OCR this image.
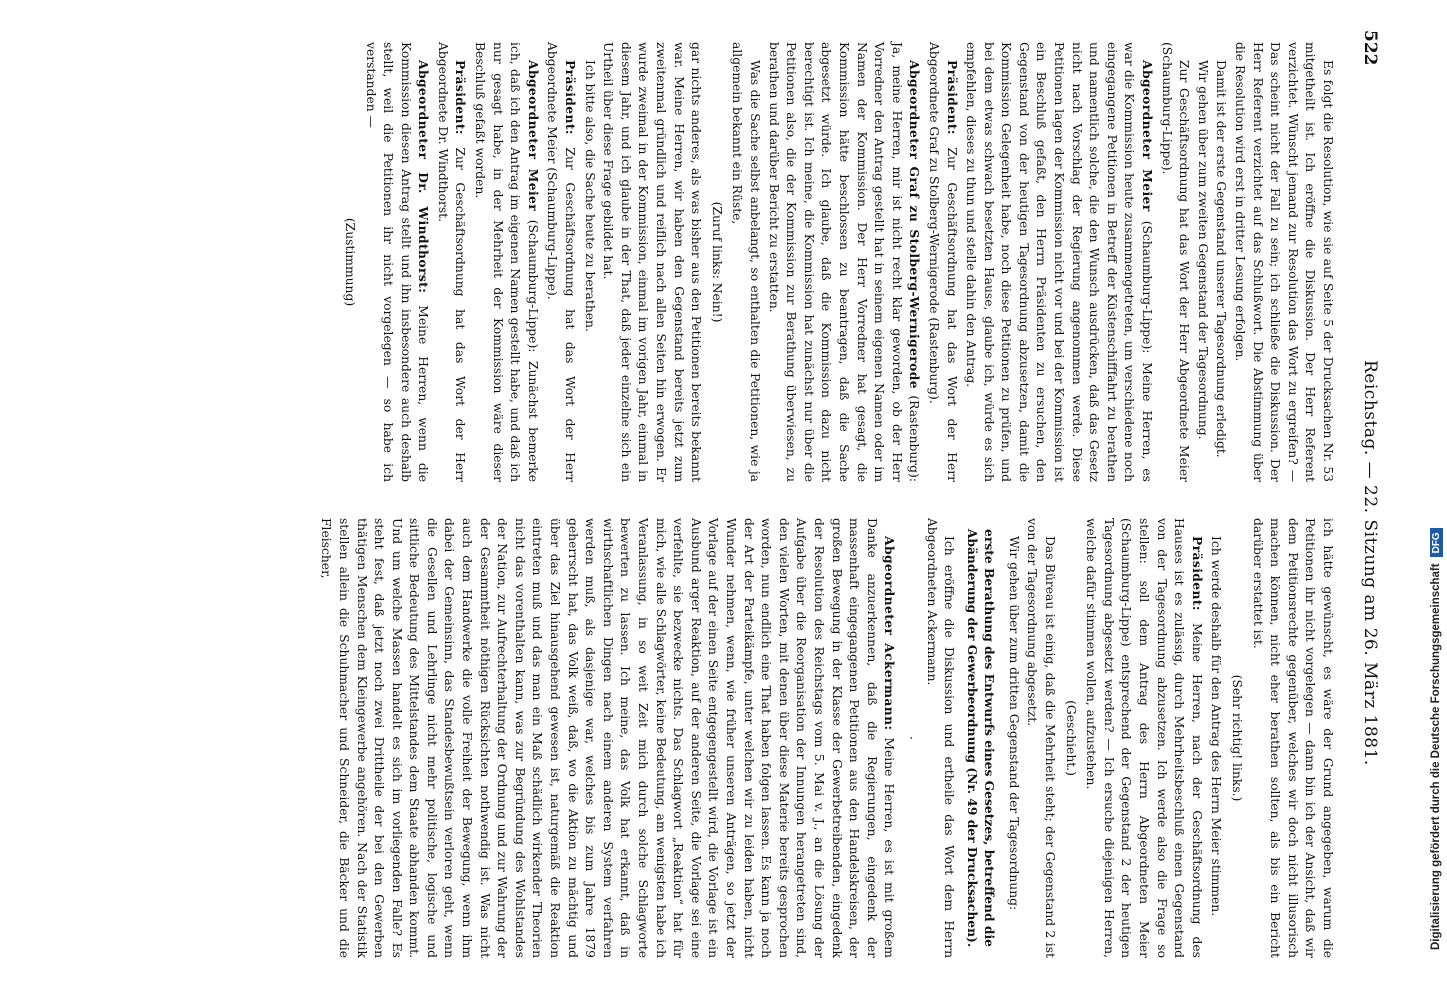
522
Reichstag. — 22. Sitzung am 26. März 1881.

Es folgt die Resolution, wie sie auf Seite 5 der Drucksachen Nr. 53 mitgetheilt ist. Ich eröffne die Diskussion. Der Herr Referent verzichtet. Wünscht jemand zur Resolution das Wort zu ergreifen? — Das scheint nicht der Fall zu sein; ich schließe die Diskussion. Der Herr Referent verzichtet auf das Schlußwort. Die Abstimmung über die Resolution wird erst in dritter Lesung erfolgen.

Damit ist der erste Gegenstand unserer Tagesordnung erledigt.

Wir gehen über zum zweiten Gegenstand der Tagesordnung.

Zur Geschäftsordnung hat das Wort der Herr Abgeordnete Meier (Schaumburg-Lippe).

Abgeordneter Meier (Schaumburg-Lippe): Meine Herren, es war die Kommission heute zusammengetreten, um verschiedene noch eingegangene Petitionen in Betreff der Küstenschifffahrt zu berathen und namentlich solche, die den Wunsch ausdrücken, daß das Gesetz nicht nach Vorschlag der Regierung angenommen werde. Diese Petitionen lagen der Kommission nicht vor und bei der Kommission ist ein Beschluß gefaßt, den Herrn Präsidenten zu ersuchen, den Gegenstand von der heutigen Tagesordnung abzusetzen, damit die Kommission Gelegenheit habe, noch diese Petitionen zu prüfen, und bei dem etwas schwach besetzten Hause, glaube ich, würde es sich empfehlen, dieses zu thun und stelle dahin den Antrag.

Präsident: Zur Geschäftsordnung hat das Wort der Herr Abgeordnete Graf zu Stolberg-Wernigerode (Rastenburg).

Abgeordneter Graf zu Stolberg-Wernigerode (Rastenburg): Ja, meine Herren, mir ist nicht recht klar geworden, ob der Herr Vorredner den Antrag gestellt hat in seinem eigenen Namen oder im Namen der Kommission. Der Herr Vorredner hat gesagt, die Kommission hätte beschlossen zu beantragen, daß die Sache abgesetzt würde. Ich glaube, daß die Kommission dazu nicht berechtigt ist. Ich meine, die Kommission hat zunächst nur über die Petitionen also, die der Kommission zur Berathung überwiesen, zu berathen und darüber Bericht zu erstatten.

Was die Sache selbst anbelangt, so enthalten die Petitionen, wie ja allgemein bekannt ein Rüste,

(Zuruf links: Nein!)

gar nichts anderes, als was bisher aus den Petitionen bereits bekannt war. Meine Herren, wir haben den Gegenstand bereits jetzt zum zweitenmal gründlich und reiflich nach allen Seiten hin erwogen. Er wurde zweimal in der Kommission, einmal im vorigen Jahr, einmal in diesem Jahr, und ich glaube in der That, daß jeder einzelne sich ein Urtheil über diese Frage gebildet hat.

Ich bitte also, die Sache heute zu berathen.

Präsident: Zur Geschäftsordnung hat das Wort der Herr Abgeordnete Meier (Schaumburg-Lippe).

Abgeordneter Meier (Schaumburg-Lippe): Zunächst bemerke ich, daß ich den Antrag im eigenen Namen gestellt habe, und daß ich nur gesagt habe, in der Mehrheit der Kommission wäre dieser Beschluß gefaßt worden.

Präsident: Zur Geschäftsordnung hat das Wort der Herr Abgeordnete Dr. Windthorst.

Abgeordneter Dr. Windthorst: Meine Herren, wenn die Kommission diesen Antrag stellt und ihn insbesondere auch deshalb stellt, weil die Petitionen ihr nicht vorgelegen — so habe ich verstanden —

(Zustimmung)

ich hätte gewünscht, es wäre der Grund angegeben, warum die Petitionen ihr nicht vorgelegen — dann bin ich der Ansicht, daß wir dem Petitionsrechte gegenüber, welches wir doch nicht illusorisch machen können, nicht eher berathen sollten, als bis ein Bericht darüber erstattet ist.

(Sehr richtig! links.)

Ich werde deshalb für den Antrag des Herrn Meier stimmen.

Präsident: Meine Herren, nach der Geschäftsordnung des Hauses ist es zulässig, durch Mehrheitsbeschluß einen Gegenstand von der Tagesordnung abzusetzen. Ich werde also die Frage so stellen: soll dem Antrag des Herrn Abgeordneten Meier (Schaumburg-Lippe) entsprechend der Gegenstand 2 der heutigen Tagesordnung abgesetzt werden? — Ich ersuche diejenigen Herren, welche dafür stimmen wollen, aufzustehen.

(Geschieht.)

Das Büreau ist einig, daß die Mehrheit steht; der Gegenstand 2 ist von der Tagesordnung abgesetzt.

Wir gehen über zum dritten Gegenstand der Tagesordnung:

erste Berathung des Entwurfs eines Gesetzes, betreffend die Abänderung der Gewerbeordnung (Nr. 49 der Drucksachen).

Ich eröffne die Diskussion und ertheile das Wort dem Herrn Abgeordneten Ackermann.

·

Abgeordneter Ackermann: Meine Herren, es ist mit großem Danke anzuerkennen, daß die Regierungen, eingedenk der massenhaft eingegangenen Petitionen aus den Handelskreisen, der großen Bewegung in der Klasse der Gewerbetreibenden, eingedenk der Resolution des Reichstags vom 5. Mai v. J., an die Lösung der Aufgabe über die Reorganisation der Innungen herangetreten sind, den vielen Worten, mit denen über diese Materie bereits gesprochen worden, nun endlich eine That haben folgen lassen. Es kann ja noch der Art der Parteikämpfe, unter welchen wir zu leiden haben, nicht Wunder nehmen, wenn, wie früher unseren Anträgen, so jetzt der Vorlage auf der einen Seite entgegengestellt wird, die Vorlage ist ein Ausbund arger Reaktion, auf der anderen Seite, die Vorlage sei eine verfehlte, sie bezwecke nichts. Das Schlagwort „Reaktion“ hat für mich, wie alle Schlagwörter, keine Bedeutung, am wenigsten habe ich Veranlassung, in so weit Zeit mich durch solche Schlagworte bewerten zu lassen. Ich meine, das Volk hat erkannt, daß in wirthschaftlichen Dingen nach einem anderen System verfahren werden muß, als dasjenige war, welches bis zum Jahre 1879 geherrscht hat, das Volk weiß, daß, wo die Aktion zu mächtig und über das Ziel hinausgehend gewesen ist, naturgemäß die Reaktion eintreten muß und das man ein Maß schädlich wirkender Theorien nicht das vorenthalten kann, was zur Begründung des Wohlstandes der Nation, zur Aufrechterhaltung der Ordnung und zur Wahrung der der Gesammtheit nöthigen Rücksichten nothwendig ist. Was nicht auch dem Handwerke die volle Freiheit der Bewegung, wenn ihm dabei der Gemeinsinn, das Standesbewußtsein verloren geht, wenn die Gesellen und Lehrlinge nicht mehr politische, logische und sittliche Bedeutung des Mittelstandes dem Staate abhanden kommt. Und um welche Massen handelt es sich im vorliegenden Falle? Es steht fest, daß jetzt noch zwei Drittheile der bei den Gewerben thätigen Menschen dem Kleingewerbe angehören. Nach der Statistik stellen allein die Schuhmacher und Schneider, die Bäcker und die Fleischer,

Digitalisierung gefördert durch die Deutsche Forschungsgemeinschaft
DFG
